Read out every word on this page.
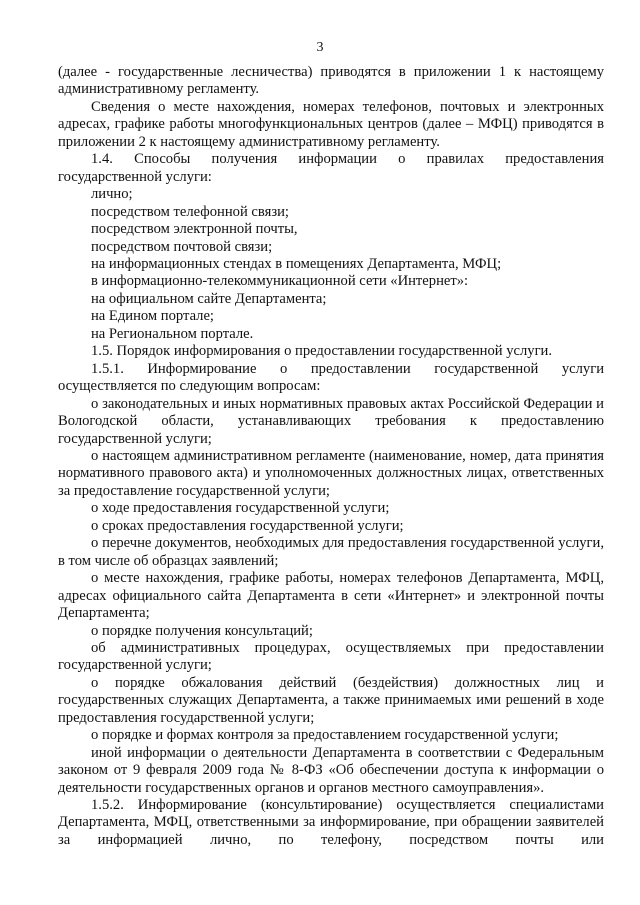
3

(далее - государственные лесничества) приводятся в приложении 1 к настоящему административному регламенту.

Сведения о месте нахождения, номерах телефонов, почтовых и электронных адресах, графике работы многофункциональных центров (далее – МФЦ) приводятся в приложении 2 к настоящему административному регламенту.

1.4. Способы получения информации о правилах предоставления государственной услуги:

лично;

посредством телефонной связи;

посредством электронной почты,

посредством почтовой связи;

на информационных стендах в помещениях Департамента, МФЦ;

в информационно-телекоммуникационной сети «Интернет»:

на официальном сайте Департамента;

на Едином портале;

на Региональном портале.

1.5. Порядок информирования о предоставлении государственной услуги.

1.5.1. Информирование о предоставлении государственной услуги осуществляется по следующим вопросам:

о законодательных и иных нормативных правовых актах Российской Федерации и Вологодской области, устанавливающих требования к предоставлению государственной услуги;

о настоящем административном регламенте (наименование, номер, дата принятия нормативного правового акта) и уполномоченных должностных лицах, ответственных за предоставление государственной услуги;

о ходе предоставления государственной услуги;

о сроках предоставления государственной услуги;

о перечне документов, необходимых для предоставления государственной услуги, в том числе об образцах заявлений;

о месте нахождения, графике работы, номерах телефонов Департамента, МФЦ, адресах официального сайта Департамента в сети «Интернет» и электронной почты Департамента;

о порядке получения консультаций;

об административных процедурах, осуществляемых при предоставлении государственной услуги;

о порядке обжалования действий (бездействия) должностных лиц и государственных служащих Департамента, а также принимаемых ими решений в ходе предоставления государственной услуги;

о порядке и формах контроля за предоставлением государственной услуги;

иной информации о деятельности Департамента в соответствии с Федеральным законом от 9 февраля 2009 года № 8-ФЗ «Об обеспечении доступа к информации о деятельности государственных органов и органов местного самоуправления».

1.5.2. Информирование (консультирование) осуществляется специалистами Департамента, МФЦ, ответственными за информирование, при обращении заявителей за информацией лично, по телефону, посредством почты или
